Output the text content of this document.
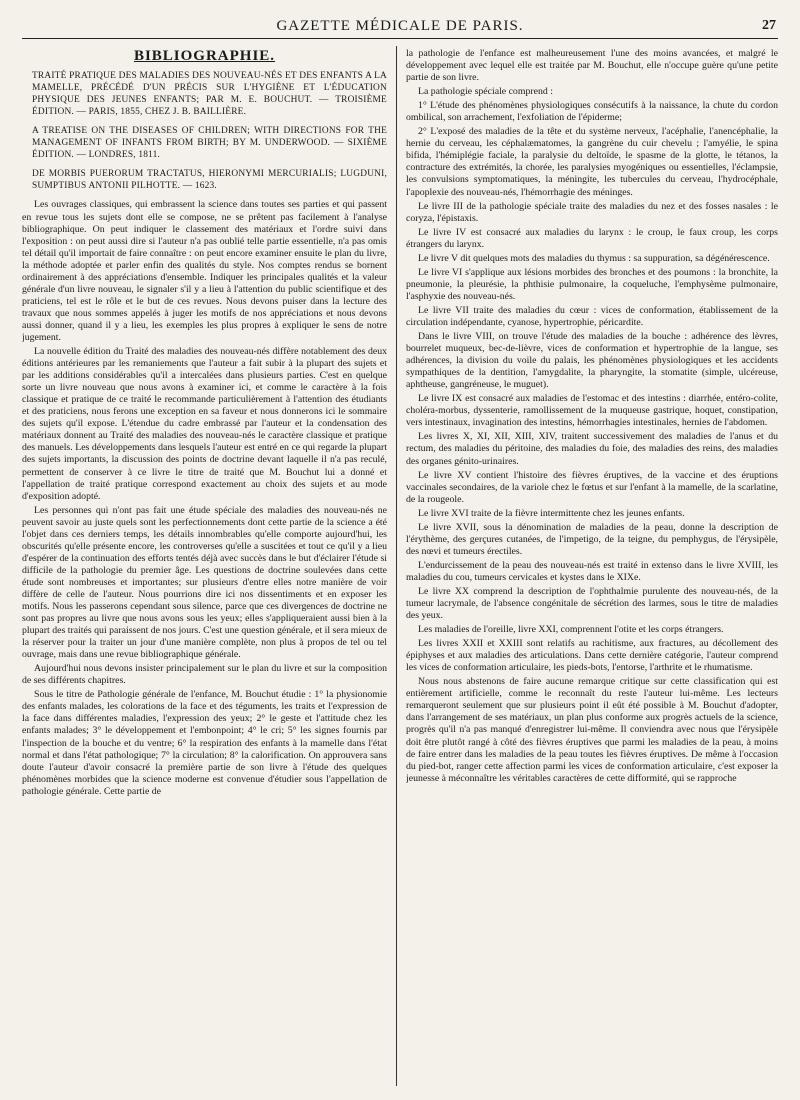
GAZETTE MÉDICALE DE PARIS.	27
BIBLIOGRAPHIE.

TRAITÉ PRATIQUE DES MALADIES DES NOUVEAU-NÉS ET DES ENFANTS A LA MAMELLE, PRÉCÉDÉ D'UN PRÉCIS SUR L'HYGIÈNE ET L'ÉDUCATION PHYSIQUE DES JEUNES ENFANTS; PAR M. E. BOUCHUT. — TROISIÈME ÉDITION. — PARIS, 1855, CHEZ J. B. BAILLIÈRE.

A TREATISE ON THE DISEASES OF CHILDREN; WITH DIRECTIONS FOR THE MANAGEMENT OF INFANTS FROM BIRTH; BY M. UNDERWOOD. — SIXIÈME ÉDITION. — LONDRES, 1811.

DE MORBIS PUERORUM TRACTATUS, HIERONYMI MERCURIALIS; LUGDUNI, SUMPTIBUS ANTONII PILHOTTE. — 1623.

Les ouvrages classiques, qui embrassent la science dans toutes ses parties et qui passent en revue tous les sujets dont elle se compose, ne se prêtent pas facilement à l'analyse bibliographique. On peut indiquer le classement des matériaux et l'ordre suivi dans l'exposition : on peut aussi dire si l'auteur n'a pas oublié telle partie essentielle, n'a pas omis tel détail qu'il importait de faire connaître : on peut encore examiner ensuite le plan du livre, la méthode adoptée et parler enfin des qualités du style. Nos comptes rendus se bornent ordinairement à des appréciations d'ensemble. Indiquer les principales qualités et la valeur générale d'un livre nouveau, le signaler s'il y a lieu à l'attention du public scientifique et des praticiens, tel est le rôle et le but de ces revues. Nous devons puiser dans la lecture des travaux que nous sommes appelés à juger les motifs de nos appréciations et nous devons aussi donner, quand il y a lieu, les exemples les plus propres à expliquer le sens de notre jugement.

La nouvelle édition du Traité des maladies des nouveau-nés diffère notablement des deux éditions antérieures par les remaniements que l'auteur a fait subir à la plupart des sujets et par les additions considérables qu'il a intercalées dans plusieurs parties. C'est en quelque sorte un livre nouveau que nous avons à examiner ici, et comme le caractère à la fois classique et pratique de ce traité le recommande particulièrement à l'attention des étudiants et des praticiens, nous ferons une exception en sa faveur et nous donnerons ici le sommaire des sujets qu'il expose. L'étendue du cadre embrassé par l'auteur et la condensation des matériaux donnent au Traité des maladies des nouveau-nés le caractère classique et pratique des manuels. Les développements dans lesquels l'auteur est entré en ce qui regarde la plupart des sujets importants, la discussion des points de doctrine devant laquelle il n'a pas reculé, permettent de conserver à ce livre le titre de traité que M. Bouchut lui a donné et l'appellation de traité pratique correspond exactement au choix des sujets et au mode d'exposition adopté.

Les personnes qui n'ont pas fait une étude spéciale des maladies des nouveau-nés ne peuvent savoir au juste quels sont les perfectionnements dont cette partie de la science a été l'objet dans ces derniers temps, les détails innombrables qu'elle comporte aujourd'hui, les obscurités qu'elle présente encore, les controverses qu'elle a suscitées et tout ce qu'il y a lieu d'espérer de la continuation des efforts tentés déjà avec succès dans le but d'éclairer l'étude si difficile de la pathologie du premier âge. Les questions de doctrine soulevées dans cette étude sont nombreuses et importantes; sur plusieurs d'entre elles notre manière de voir diffère de celle de l'auteur. Nous pourrions dire ici nos dissentiments et en exposer les motifs. Nous les passerons cependant sous silence, parce que ces divergences de doctrine ne sont pas propres au livre que nous avons sous les yeux; elles s'appliqueraient aussi bien à la plupart des traités qui paraissent de nos jours. C'est une question générale, et il sera mieux de la réserver pour la traiter un jour d'une manière complète, non plus à propos de tel ou tel ouvrage, mais dans une revue bibliographique générale.

Aujourd'hui nous devons insister principalement sur le plan du livre et sur la composition de ses différents chapitres.

Sous le titre de Pathologie générale de l'enfance, M. Bouchut étudie : 1° la physionomie des enfants malades, les colorations de la face et des téguments, les traits et l'expression de la face dans différentes maladies, l'expression des yeux; 2° le geste et l'attitude chez les enfants malades; 3° le développement et l'embonpoint; 4° le cri; 5° les signes fournis par l'inspection de la bouche et du ventre; 6° la respiration des enfants à la mamelle dans l'état normal et dans l'état pathologique; 7° la circulation; 8° la calorification. On approuvera sans doute l'auteur d'avoir consacré la première partie de son livre à l'étude des quelques phénomènes morbides que la science moderne est convenue d'étudier sous l'appellation de pathologie générale. Cette partie de

la pathologie de l'enfance est malheureusement l'une des moins avancées, et malgré le développement avec lequel elle est traitée par M. Bouchut, elle n'occupe guère qu'une petite partie de son livre.

La pathologie spéciale comprend :

1° L'étude des phénomènes physiologiques consécutifs à la naissance, la chute du cordon ombilical, son arrachement, l'exfoliation de l'épiderme;

2° L'exposé des maladies de la tête et du système nerveux, l'acéphalie, l'anencéphalie, la hernie du cerveau, les céphalæmatomes, la gangrène du cuir chevelu ; l'amyélie, le spina bifida, l'hémiplégie faciale, la paralysie du deltoïde, le spasme de la glotte, le tétanos, la contracture des extrémités, la chorée, les paralysies myogéniques ou essentielles, l'éclampsie, les convulsions symptomatiques, la méningite, les tubercules du cerveau, l'hydrocéphale, l'apoplexie des nouveau-nés, l'hémorrhagie des méninges.

Le livre III de la pathologie spéciale traite des maladies du nez et des fosses nasales : le coryza, l'épistaxis.

Le livre IV est consacré aux maladies du larynx : le croup, le faux croup, les corps étrangers du larynx.

Le livre V dit quelques mots des maladies du thymus : sa suppuration, sa dégénérescence.

Le livre VI s'applique aux lésions morbides des bronches et des poumons : la bronchite, la pneumonie, la pleurésie, la phthisie pulmonaire, la coqueluche, l'emphysème pulmonaire, l'asphyxie des nouveau-nés.

Le livre VII traite des maladies du cœur : vices de conformation, établissement de la circulation indépendante, cyanose, hypertrophie, péricardite.

Dans le livre VIII, on trouve l'étude des maladies de la bouche : adhérence des lèvres, bourrelet muqueux, bec-de-lièvre, vices de conformation et hypertrophie de la langue, ses adhérences, la division du voile du palais, les phénomènes physiologiques et les accidents sympathiques de la dentition, l'amygdalite, la pharyngite, la stomatite (simple, ulcéreuse, aphtheuse, gangréneuse, le muguet).

Le livre IX est consacré aux maladies de l'estomac et des intestins : diarrhée, entéro-colite, choléra-morbus, dyssenterie, ramollissement de la muqueuse gastrique, hoquet, constipation, vers intestinaux, invagination des intestins, hémorrhagies intestinales, hernies de l'abdomen.

Les livres X, XI, XII, XIII, XIV, traitent successivement des maladies de l'anus et du rectum, des maladies du péritoine, des maladies du foie, des maladies des reins, des maladies des organes génito-urinaires.

Le livre XV contient l'histoire des fièvres éruptives, de la vaccine et des éruptions vaccinales secondaires, de la variole chez le fœtus et sur l'enfant à la mamelle, de la scarlatine, de la rougeole.

Le livre XVI traite de la fièvre intermittente chez les jeunes enfants.

Le livre XVII, sous la dénomination de maladies de la peau, donne la description de l'érythème, des gerçures cutanées, de l'impetigo, de la teigne, du pemphygus, de l'érysipèle, des nœvi et tumeurs érectiles.

L'endurcissement de la peau des nouveau-nés est traité in extenso dans le livre XVIII, les maladies du cou, tumeurs cervicales et kystes dans le XIXe.

Le livre XX comprend la description de l'ophthalmie purulente des nouveau-nés, de la tumeur lacrymale, de l'absence congénitale de sécrétion des larmes, sous le titre de maladies des yeux.

Les maladies de l'oreille, livre XXI, comprennent l'otite et les corps étrangers.

Les livres XXII et XXIII sont relatifs au rachitisme, aux fractures, au décollement des épiphyses et aux maladies des articulations. Dans cette dernière catégorie, l'auteur comprend les vices de conformation articulaire, les pieds-bots, l'entorse, l'arthrite et le rhumatisme.

Nous nous abstenons de faire aucune remarque critique sur cette classification qui est entièrement artificielle, comme le reconnaît du reste l'auteur lui-même. Les lecteurs remarqueront seulement que sur plusieurs point il eût été possible à M. Bouchut d'adopter, dans l'arrangement de ses matériaux, un plan plus conforme aux progrès actuels de la science, progrès qu'il n'a pas manqué d'enregistrer lui-même. Il conviendra avec nous que l'érysipèle doit être plutôt rangé à côté des fièvres éruptives que parmi les maladies de la peau, à moins de faire entrer dans les maladies de la peau toutes les fièvres éruptives. De même à l'occasion du pied-bot, ranger cette affection parmi les vices de conformation articulaire, c'est exposer la jeunesse à méconnaître les véritables caractères de cette difformité, qui se rapproche
